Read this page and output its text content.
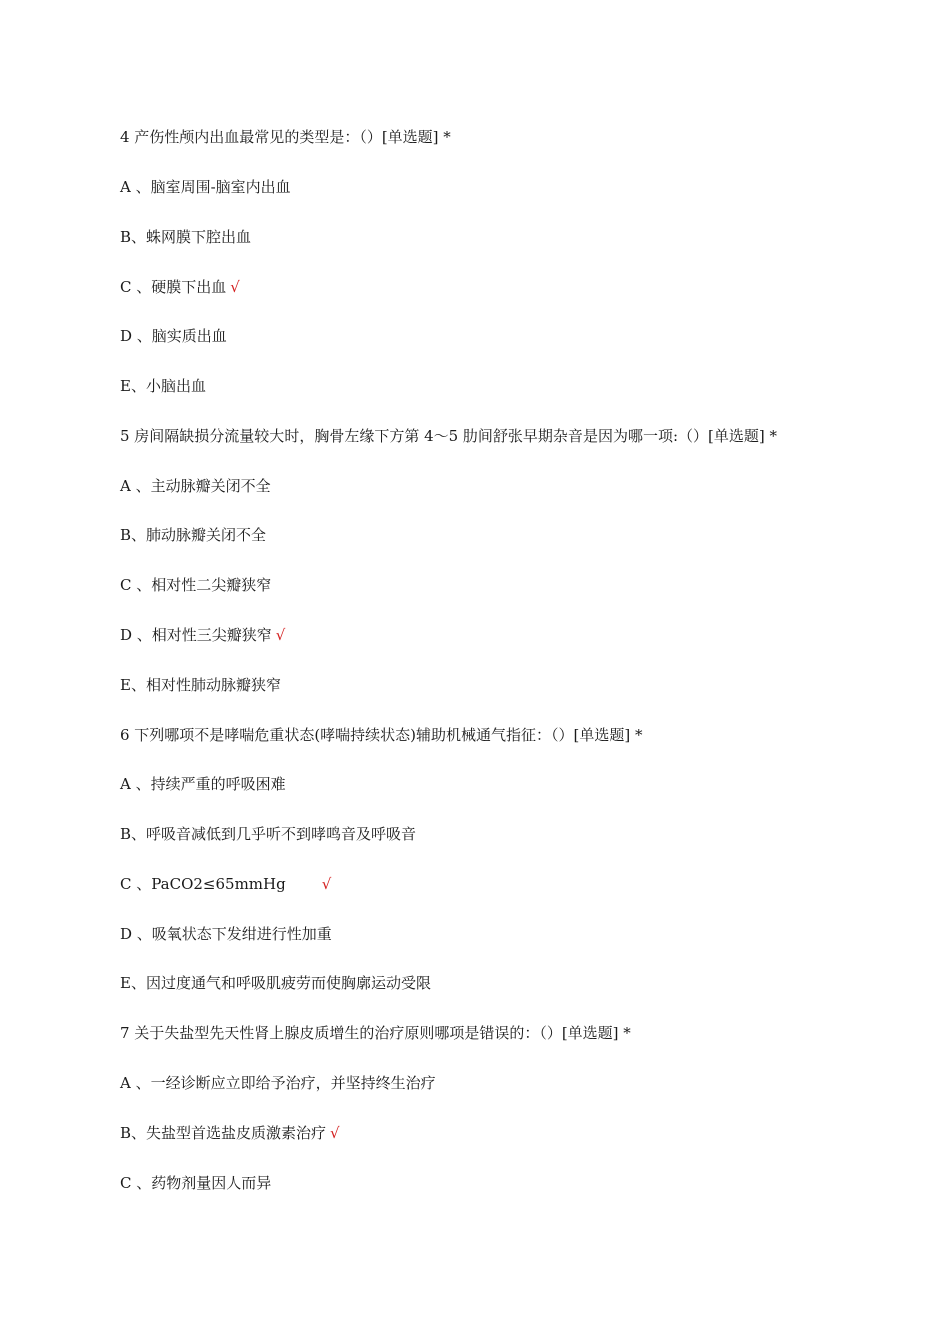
4 产伤性颅内出血最常见的类型是：（）[单选题] *

A 、脑室周围-脑室内出血

B、蛛网膜下腔出血

C 、硬膜下出血 √

D 、脑实质出血

E、小脑出血

5 房间隔缺损分流量较大时，胸骨左缘下方第 4～5 肋间舒张早期杂音是因为哪一项:（）[单选题] *

A 、主动脉瓣关闭不全

B、肺动脉瓣关闭不全

C 、相对性二尖瓣狭窄

D 、相对性三尖瓣狭窄 √

E、相对性肺动脉瓣狭窄

6 下列哪项不是哮喘危重状态(哮喘持续状态)辅助机械通气指征：（）[单选题] *

A 、持续严重的呼吸困难

B、呼吸音减低到几乎听不到哮鸣音及呼吸音

C 、PaCO2≤65mmHg √

D 、吸氧状态下发绀进行性加重

E、因过度通气和呼吸肌疲劳而使胸廓运动受限

7 关于失盐型先天性肾上腺皮质增生的治疗原则哪项是错误的：（）[单选题] *

A 、一经诊断应立即给予治疗，并坚持终生治疗

B、失盐型首选盐皮质激素治疗 √

C 、药物剂量因人而异
